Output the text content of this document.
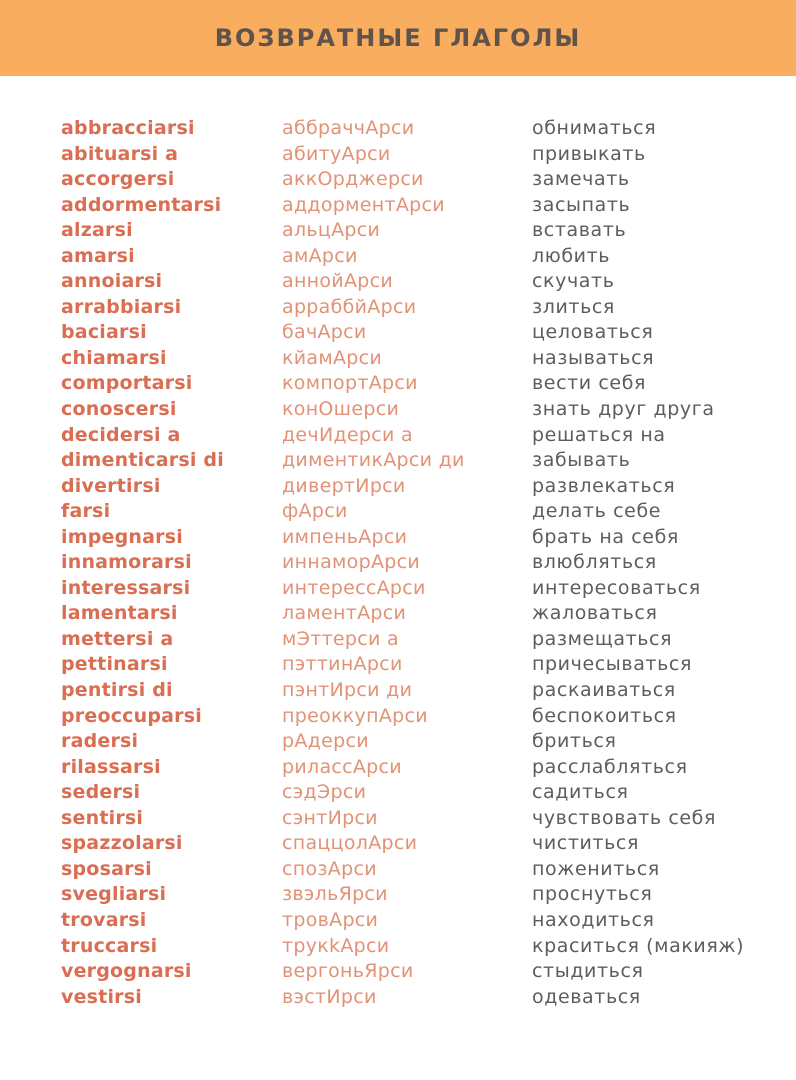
ВОЗВРАТНЫЕ ГЛАГОЛЫ
abbracciarsi	аббраччАрси	обниматься
abituarsi a	абитуАрси	привыкать
accorgersi	аккОрджерси	замечать
addormentarsi	аддорментАрси	засыпать
alzarsi	альцАрси	вставать
amarsi	амАрси	любить
annoiarsi	аннойАрси	скучать
arrabbiarsi	арраббйАрси	злиться
baciarsi	бачАрси	целоваться
chiamarsi	кйамАрси	называться
comportarsi	компортАрси	вести себя
conoscersi	конОшерси	знать друг друга
decidersi a	дечИдерси а	решаться на
dimenticarsi di	диментикАрси ди	забывать
divertirsi	дивертИрси	развлекаться
farsi	фАрси	делать себе
impegnarsi	импеньАрси	брать на себя
innamorarsi	иннаморАрси	влюбляться
interessarsi	интерессАрси	интересоваться
lamentarsi	ламентАрси	жаловаться
mettersi a	мЭттерси а	размещаться
pettinarsi	пэттинАрси	причесываться
pentirsi di	пэнтИрси ди	раскаиваться
preoccuparsi	преоккупАрси	беспокоиться
radersi	рАдерси	бриться
rilassarsi	рилассАрси	расслабляться
sedersi	сэдЭрси	садиться
sentirsi	сэнтИрси	чувствовать себя
spazzolarsi	спаццолАрси	чиститься
sposarsi	спозАрси	пожениться
svegliarsi	звэльЯрси	проснуться
trovarsi	тровАрси	находиться
truccarsi	трукkАрси	краситься (макияж)
vergognarsi	вергоньЯрси	стыдиться
vestirsi	вэстИрси	одеваться
